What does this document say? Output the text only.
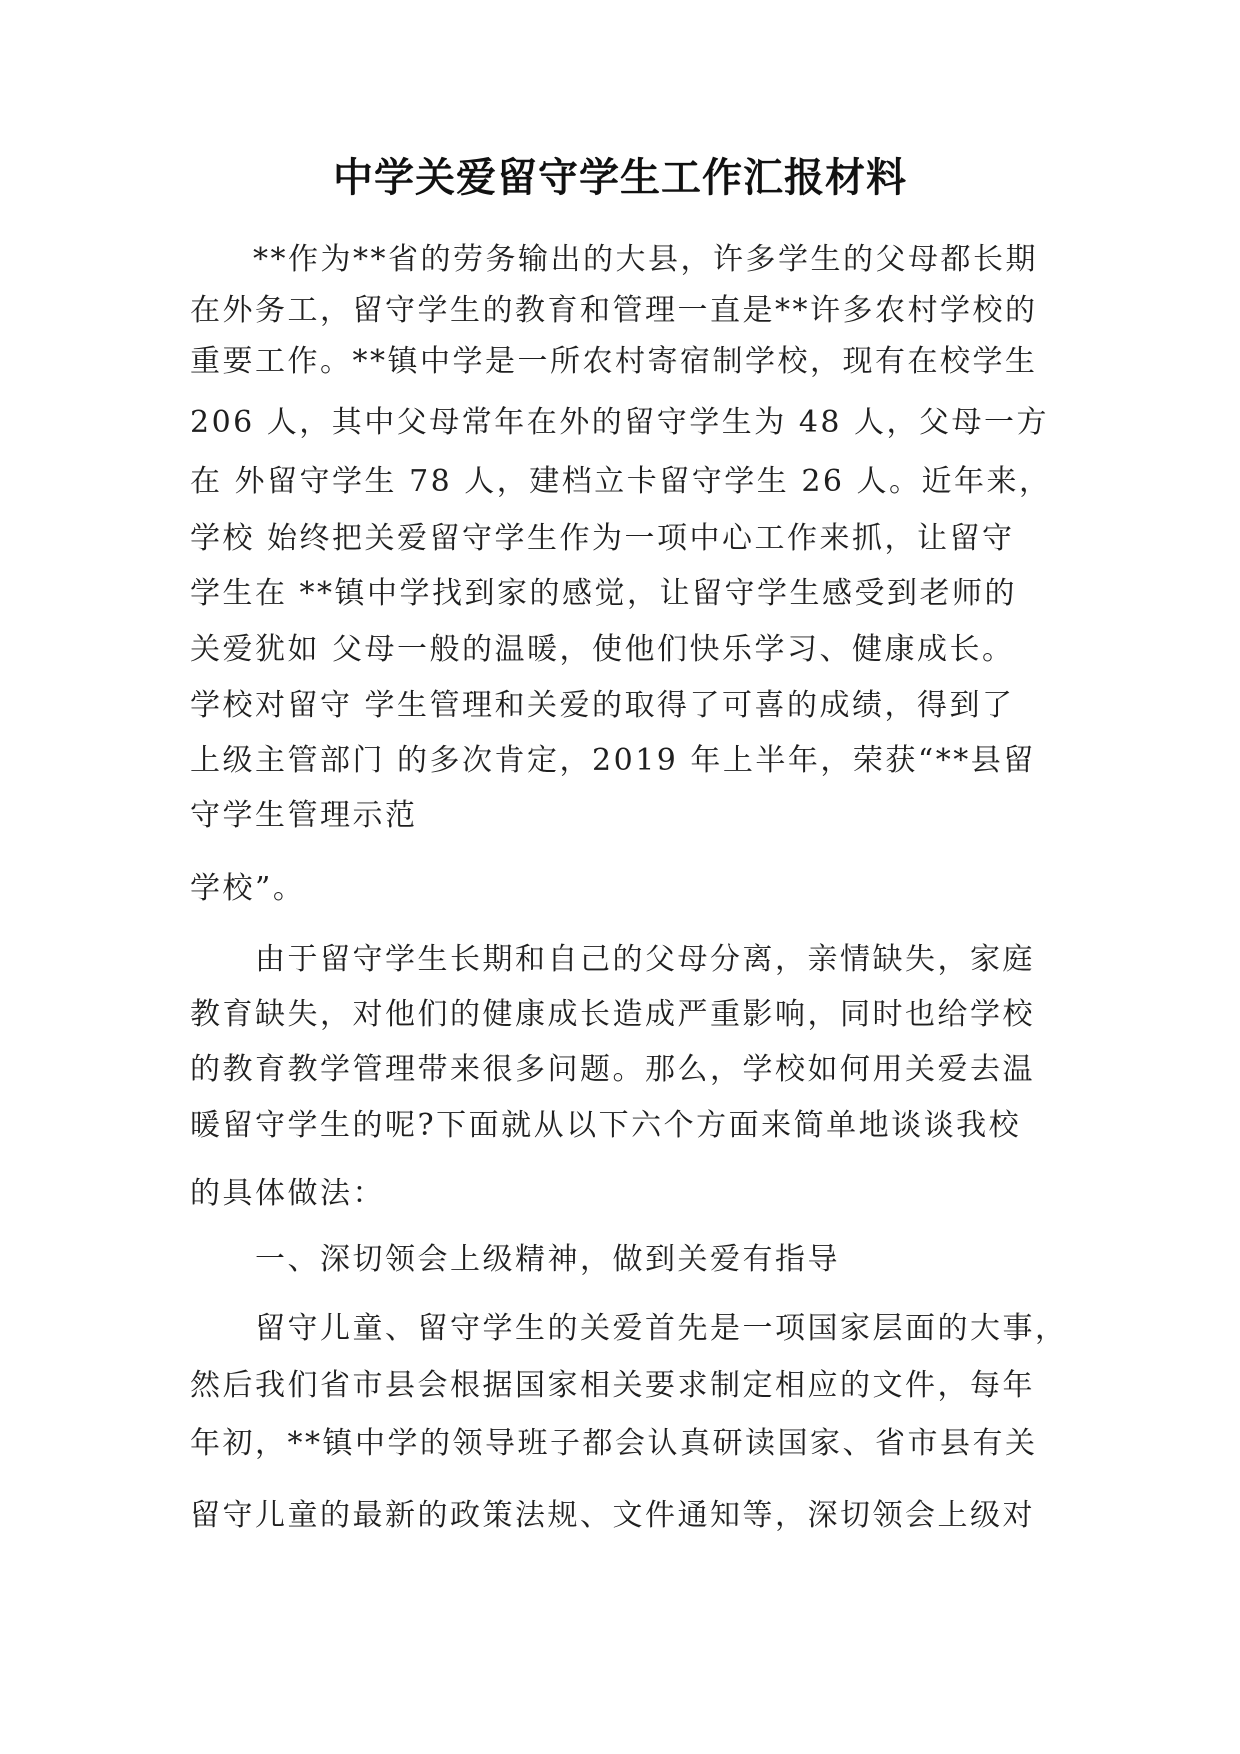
中学关爱留守学生工作汇报材料
**作为**省的劳务输出的大县，许多学生的父母都长期
在外务工，留守学生的教育和管理一直是**许多农村学校的
重要工作。**镇中学是一所农村寄宿制学校，现有在校学生
206 人，其中父母常年在外的留守学生为 48 人，父母一方
在 外留守学生 78 人，建档立卡留守学生 26 人。近年来，
学校 始终把关爱留守学生作为一项中心工作来抓，让留守
学生在 **镇中学找到家的感觉，让留守学生感受到老师的
关爱犹如 父母一般的温暖，使他们快乐学习、健康成长。
学校对留守 学生管理和关爱的取得了可喜的成绩，得到了
上级主管部门 的多次肯定，2019 年上半年，荣获“**县留
守学生管理示范
学校”。
由于留守学生长期和自己的父母分离，亲情缺失，家庭
教育缺失，对他们的健康成长造成严重影响，同时也给学校
的教育教学管理带来很多问题。那么，学校如何用关爱去温
暖留守学生的呢?下面就从以下六个方面来简单地谈谈我校
的具体做法：
一、深切领会上级精神，做到关爱有指导
留守儿童、留守学生的关爱首先是一项国家层面的大事，
然后我们省市县会根据国家相关要求制定相应的文件，每年
年初，**镇中学的领导班子都会认真研读国家、省市县有关
留守儿童的最新的政策法规、文件通知等，深切领会上级对
